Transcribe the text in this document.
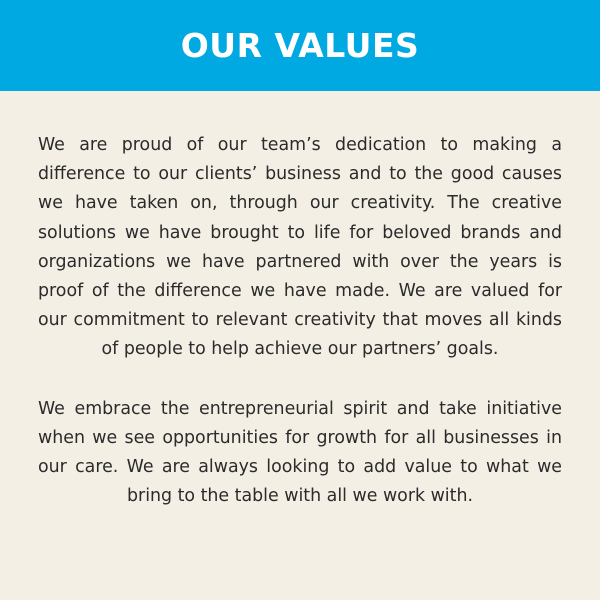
OUR VALUES

We are proud of our team’s dedication to making a difference to our clients’ business and to the good causes we have taken on, through our creativity. The creative solutions we have brought to life for beloved brands and organizations we have partnered with over the years is proof of the difference we have made. We are valued for our commitment to relevant creativity that moves all kinds of people to help achieve our partners’ goals.

We embrace the entrepreneurial spirit and take initiative when we see opportunities for growth for all businesses in our care. We are always looking to add value to what we bring to the table with all we work with.
